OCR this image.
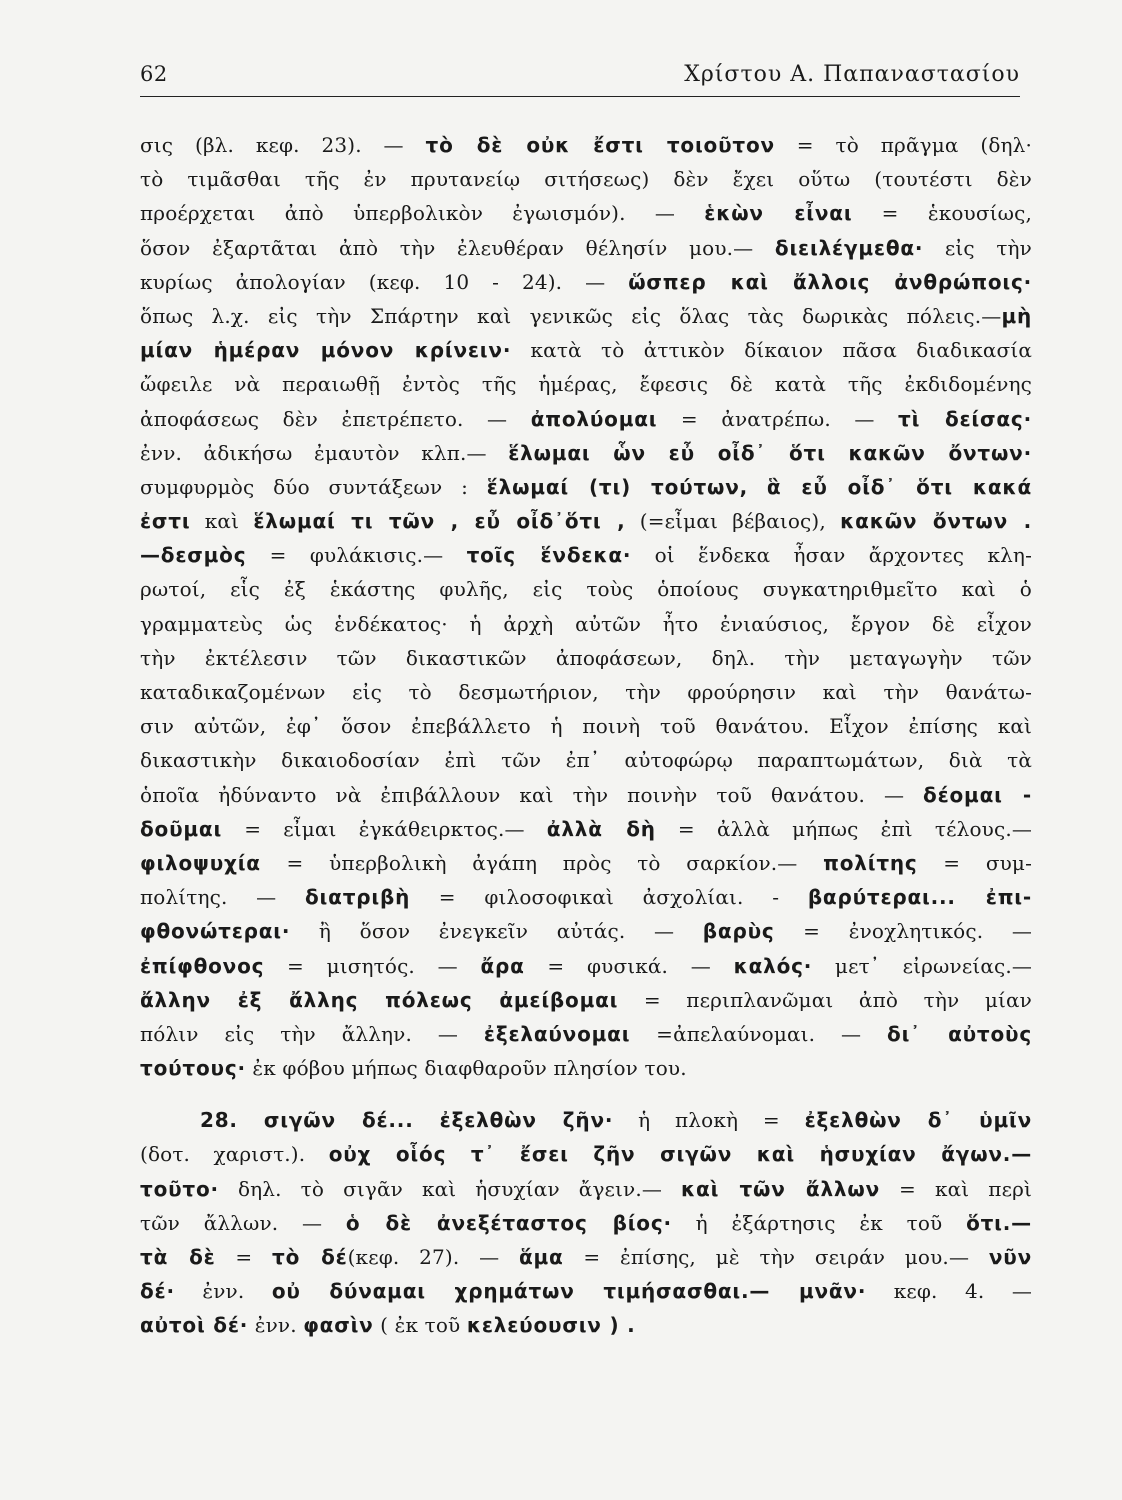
62	Χρίστου Α. Παπαναστασίου
σις (βλ. κεφ. 23). — τὸ δὲ οὐκ ἔστι τοιοῦτον = τὸ πρᾶγμα (δηλ·
τὸ τιμᾶσθαι τῆς ἐν πρυτανείῳ σιτήσεως) δὲν ἔχει οὕτω (τουτέστι δὲν
προέρχεται ἀπὸ ὑπερβολικὸν ἐγωισμόν). — ἑκὼν εἶναι = ἑκουσίως,
ὅσον ἐξαρτᾶται ἀπὸ τὴν ἐλευθέραν θέλησίν μου.— διειλέγμεθα· εἰς τὴν
κυρίως ἀπολογίαν (κεφ. 10 - 24). — ὥσπερ καὶ ἄλλοις ἀνθρώποις·
ὅπως λ.χ. εἰς τὴν Σπάρτην καὶ γενικῶς εἰς ὅλας τὰς δωρικὰς πόλεις.—μὴ
μίαν ἡμέραν μόνον κρίνειν· κατὰ τὸ ἀττικὸν δίκαιον πᾶσα διαδικασία
ὤφειλε νὰ περαιωθῇ ἐντὸς τῆς ἡμέρας, ἔφεσις δὲ κατὰ τῆς ἐκδιδομένης
ἀποφάσεως δὲν ἐπετρέπετο. — ἀπολύομαι = ἀνατρέπω. — τὶ δείσας·
ἐνν. ἀδικήσω ἐμαυτὸν κλπ.— ἕλωμαι ὧν εὖ οἶδ᾽ ὅτι κακῶν ὄντων·
συμφυρμὸς δύο συντάξεων : ἕλωμαί (τι) τούτων, ἃ εὖ οἶδ᾽ ὅτι κακά
ἐστι καὶ ἕλωμαί τι τῶν , εὖ οἶδ᾽ὅτι , (=εἶμαι βέβαιος), κακῶν ὄντων .
—δεσμὸς = φυλάκισις.— τοῖς ἕνδεκα· οἱ ἕνδεκα ἦσαν ἄρχοντες κλη-
ρωτοί, εἷς ἐξ ἑκάστης φυλῆς, εἰς τοὺς ὁποίους συγκατηριθμεῖτο καὶ ὁ
γραμματεὺς ὡς ἑνδέκατος· ἡ ἀρχὴ αὐτῶν ἦτο ἐνιαύσιος, ἔργον δὲ εἶχον
τὴν ἐκτέλεσιν τῶν δικαστικῶν ἀποφάσεων, δηλ. τὴν μεταγωγὴν τῶν
καταδικαζομένων εἰς τὸ δεσμωτήριον, τὴν φρούρησιν καὶ τὴν θανάτω-
σιν αὐτῶν, ἐφ᾽ ὅσον ἐπεβάλλετο ἡ ποινὴ τοῦ θανάτου. Εἶχον ἐπίσης καὶ
δικαστικὴν δικαιοδοσίαν ἐπὶ τῶν ἐπ᾽ αὐτοφώρῳ παραπτωμάτων, διὰ τὰ
ὁποῖα ἠδύναντο νὰ ἐπιβάλλουν καὶ τὴν ποινὴν τοῦ θανάτου. — δέομαι -
δοῦμαι = εἶμαι ἐγκάθειρκτος.— ἀλλὰ δὴ = ἀλλὰ μήπως ἐπὶ τέλους.—
φιλοψυχία = ὑπερβολικὴ ἀγάπη πρὸς τὸ σαρκίον.— πολίτης = συμ-
πολίτης. — διατριβὴ = φιλοσοφικαὶ ἀσχολίαι. - βαρύτεραι... ἐπι-
φθονώτεραι· ἢ ὅσον ἐνεγκεῖν αὐτάς. — βαρὺς = ἐνοχλητικός. —
ἐπίφθονος = μισητός. — ἄρα = φυσικά. — καλός· μετ᾽ εἰρωνείας.—
ἄλλην ἐξ ἄλλης πόλεως ἀμείβομαι = περιπλανῶμαι ἀπὸ τὴν μίαν
πόλιν εἰς τὴν ἄλλην. — ἐξελαύνομαι =ἀπελαύνομαι. — δι᾽ αὐτοὺς
τούτους· ἐκ φόβου μήπως διαφθαροῦν πλησίον του.
28. σιγῶν δέ... ἐξελθὼν ζῆν· ἡ πλοκὴ = ἐξελθὼν δ᾽ ὑμῖν
(δοτ. χαριστ.). οὐχ οἷός τ᾽ ἔσει ζῆν σιγῶν καὶ ἡσυχίαν ἄγων.—
τοῦτο· δηλ. τὸ σιγᾶν καὶ ἡσυχίαν ἄγειν.— καὶ τῶν ἄλλων = καὶ περὶ
τῶν ἄλλων. — ὁ δὲ ἀνεξέταστος βίος· ἡ ἐξάρτησις ἐκ τοῦ ὅτι.—
τὰ δὲ = τὸ δέ(κεφ. 27). — ἅμα = ἐπίσης, μὲ τὴν σειράν μου.— νῦν
δέ· ἐνν. οὐ δύναμαι χρημάτων τιμήσασθαι.— μνᾶν· κεφ. 4. —
αὐτοὶ δέ· ἐνν. φασὶν ( ἐκ τοῦ κελεύουσιν ) .
